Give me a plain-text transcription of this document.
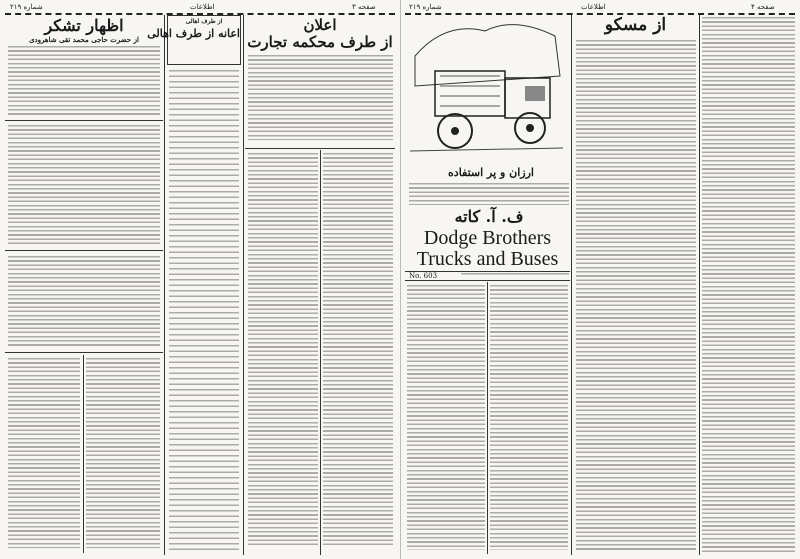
صفحه ۳
اطلاعات
شماره ۲۱۹
اظهار تشکر
از حضرت حاجی محمد تقی شاهرودی
از طرف اهالی
اعانه از طرف اهالی	اعلان
از طرف محکمه تجارت
صفحه ۴
اطلاعات
شماره ۲۱۹
ارزان و پر استفاده
ف. آ. کاته
Dodge Brothers
Trucks and Buses
No. 603
از مسکو
